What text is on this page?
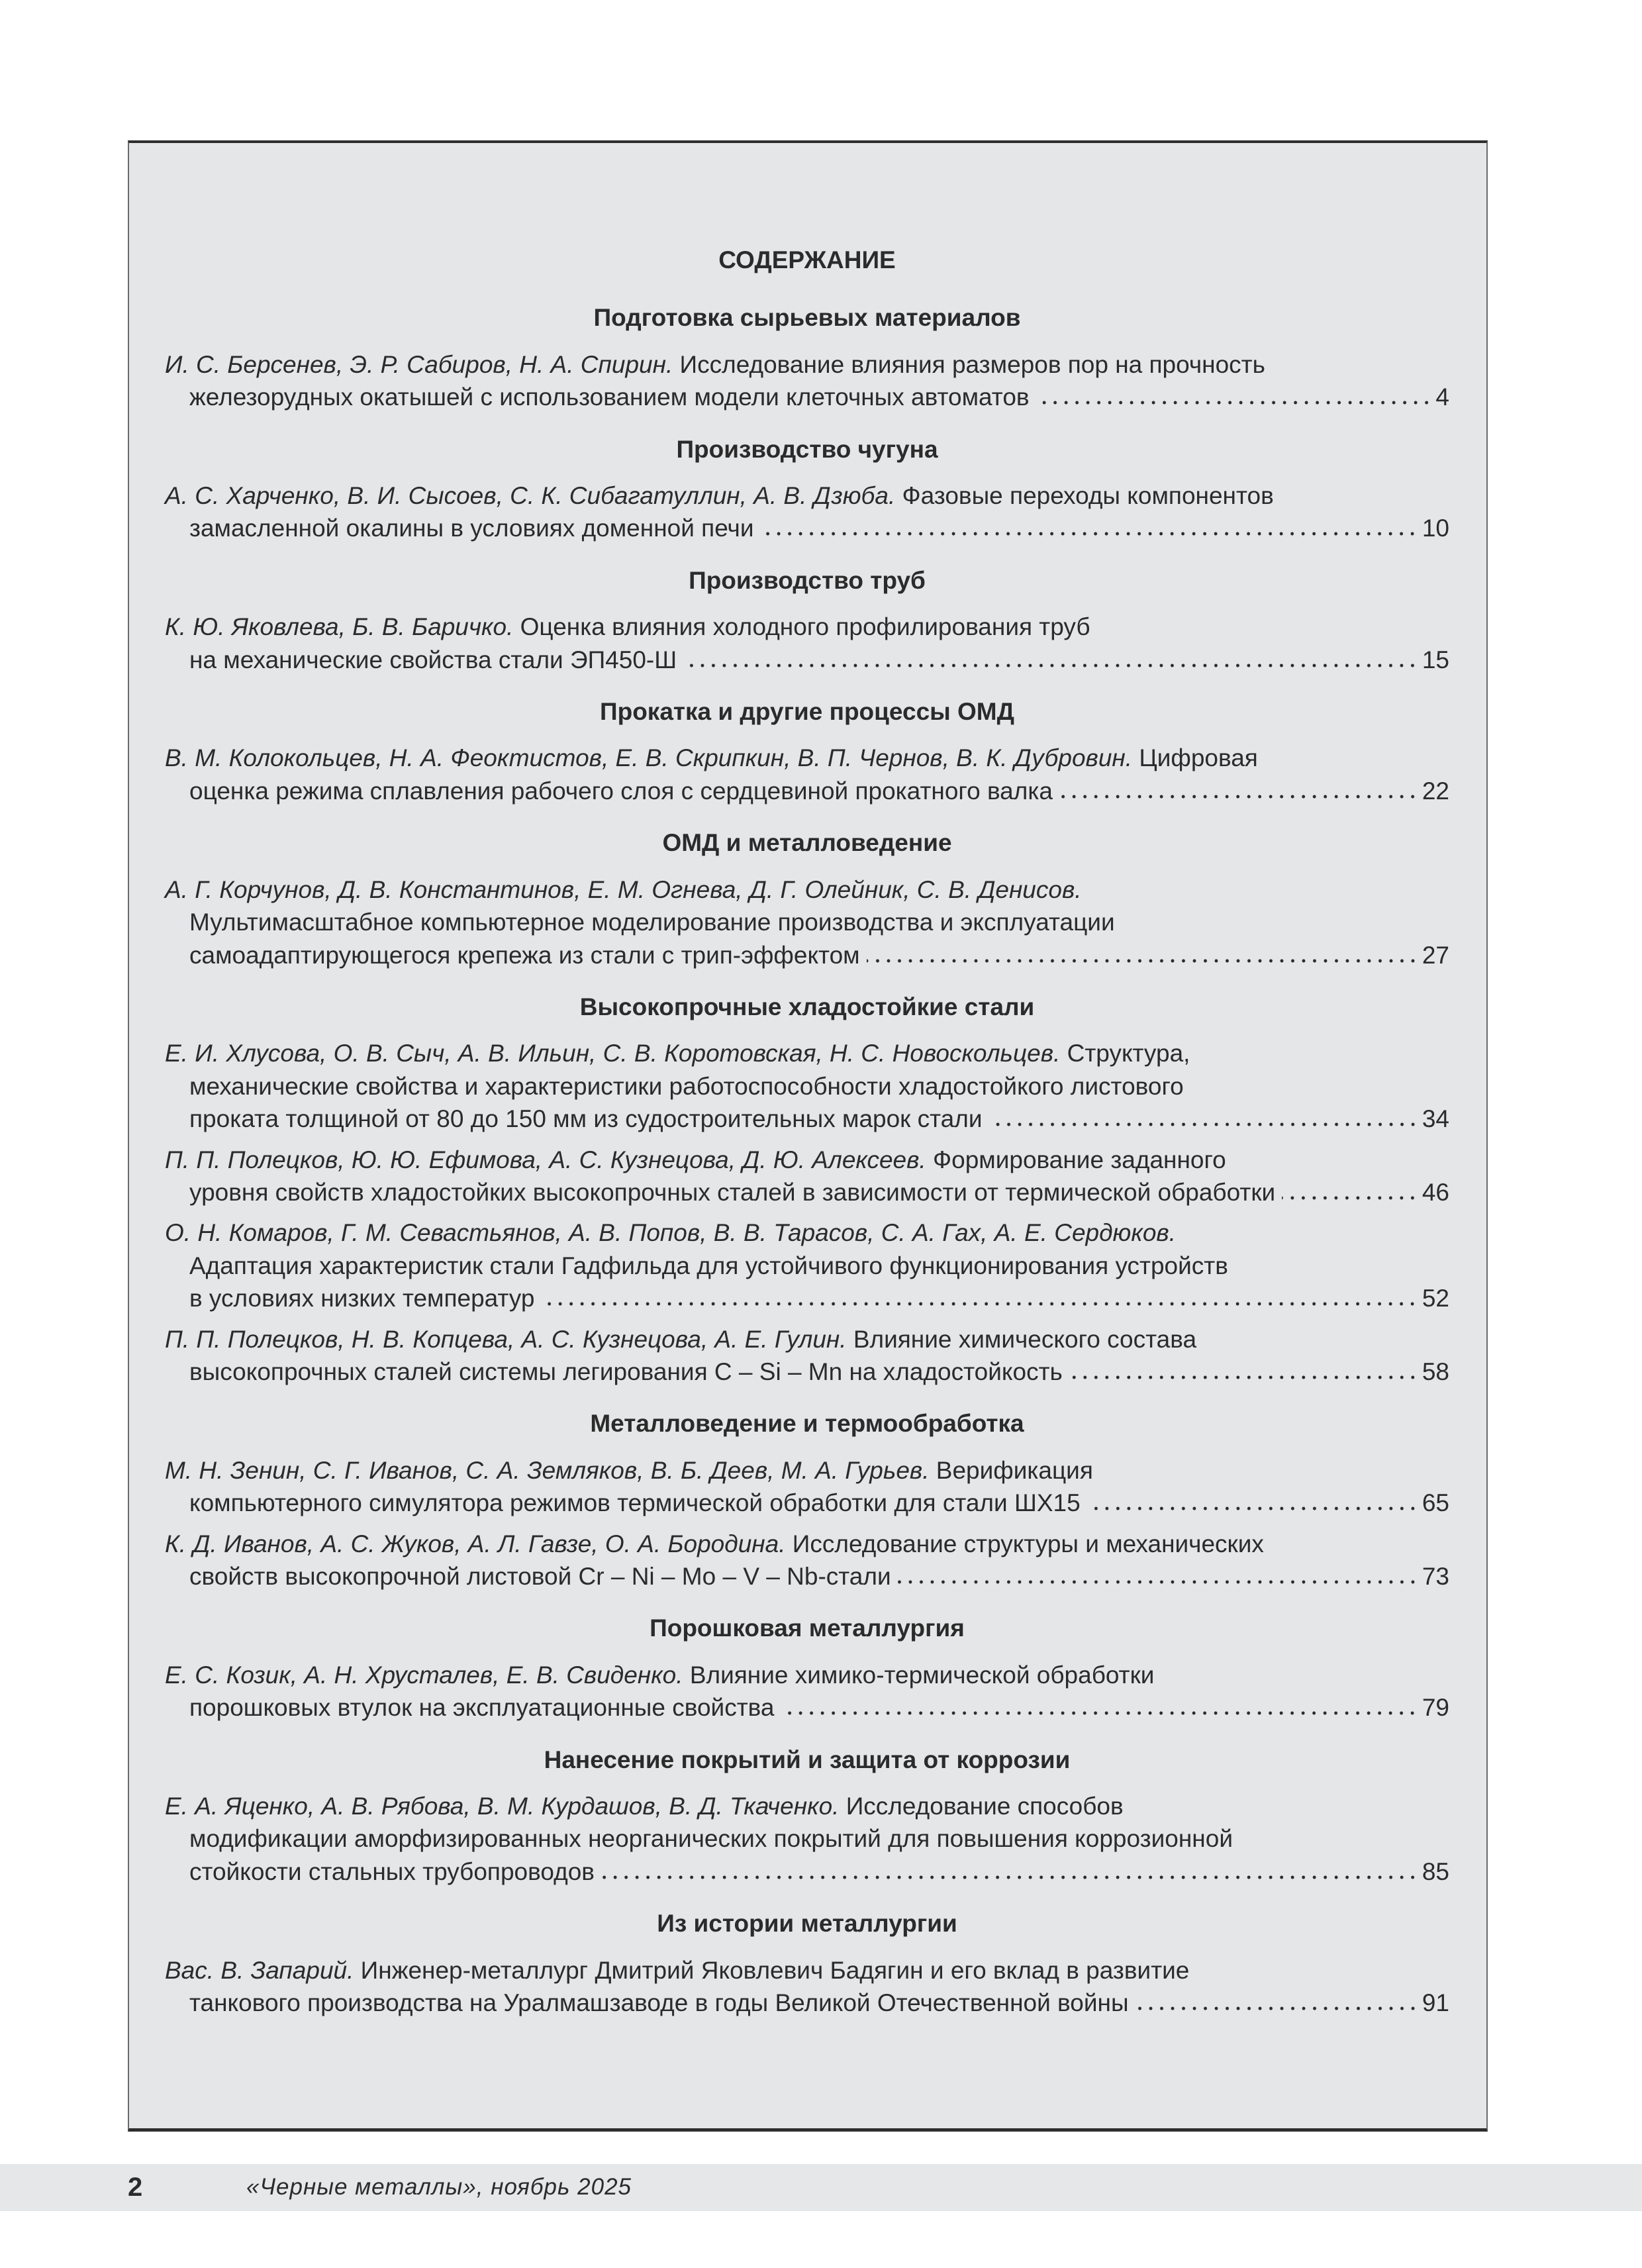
СОДЕРЖАНИЕ
Подготовка сырьевых материалов
И. С. Берсенев, Э. Р. Сабиров, Н. А. Спирин. Исследование влияния размеров пор на прочность
железорудных окатышей с использованием модели клеточных автоматов	4
Производство чугуна
А. С. Харченко, В. И. Сысоев, С. К. Сибагатуллин, А. В. Дзюба. Фазовые переходы компонентов
замасленной окалины в условиях доменной печи	10
Производство труб
К. Ю. Яковлева, Б. В. Баричко. Оценка влияния холодного профилирования труб
на механические свойства стали ЭП450-Ш	15
Прокатка и другие процессы ОМД
В. М. Колокольцев, Н. А. Феоктистов, Е. В. Скрипкин, В. П. Чернов, В. К. Дубровин. Цифровая
оценка режима сплавления рабочего слоя с сердцевиной прокатного валка	22
ОМД и металловедение
А. Г. Корчунов, Д. В. Константинов, Е. М. Огнева, Д. Г. Олейник, С. В. Денисов.
Мультимасштабное компьютерное моделирование производства и эксплуатации
самоадаптирующегося крепежа из стали с трип-эффектом	27
Высокопрочные хладостойкие стали
Е. И. Хлусова, О. В. Сыч, А. В. Ильин, С. В. Коротовская, Н. С. Новоскольцев. Структура,
механические свойства и характеристики работоспособности хладостойкого листового
проката толщиной от 80 до 150 мм из судостроительных марок стали	34
П. П. Полецков, Ю. Ю. Ефимова, А. С. Кузнецова, Д. Ю. Алексеев. Формирование заданного
уровня свойств хладостойких высокопрочных сталей в зависимости от термической обработки	46
О. Н. Комаров, Г. М. Севастьянов, А. В. Попов, В. В. Тарасов, С. А. Гах, А. Е. Сердюков.
Адаптация характеристик стали Гадфильда для устойчивого функционирования устройств
в условиях низких температур	52
П. П. Полецков, Н. В. Копцева, А. С. Кузнецова, А. Е. Гулин. Влияние химического состава
высокопрочных сталей системы легирования C – Si – Mn на хладостойкость	58
Металловедение и термообработка
М. Н. Зенин, С. Г. Иванов, С. А. Земляков, В. Б. Деев, М. А. Гурьев. Верификация
компьютерного симулятора режимов термической обработки для стали ШХ15	65
К. Д. Иванов, А. С. Жуков, А. Л. Гавзе, О. А. Бородина. Исследование структуры и механических
свойств высокопрочной листовой Cr – Ni – Mo – V – Nb-стали	73
Порошковая металлургия
Е. С. Козик, А. Н. Хрусталев, Е. В. Свиденко. Влияние химико-термической обработки
порошковых втулок на эксплуатационные свойства	79
Нанесение покрытий и защита от коррозии
Е. А. Яценко, А. В. Рябова, В. М. Курдашов, В. Д. Ткаченко. Исследование способов
модификации аморфизированных неорганических покрытий для повышения коррозионной
стойкости стальных трубопроводов	85
Из истории металлургии
Вас. В. Запарий. Инженер-металлург Дмитрий Яковлевич Бадягин и его вклад в развитие
танкового производства на Уралмашзаводе в годы Великой Отечественной войны	91
2	«Черные металлы», ноябрь 2025
